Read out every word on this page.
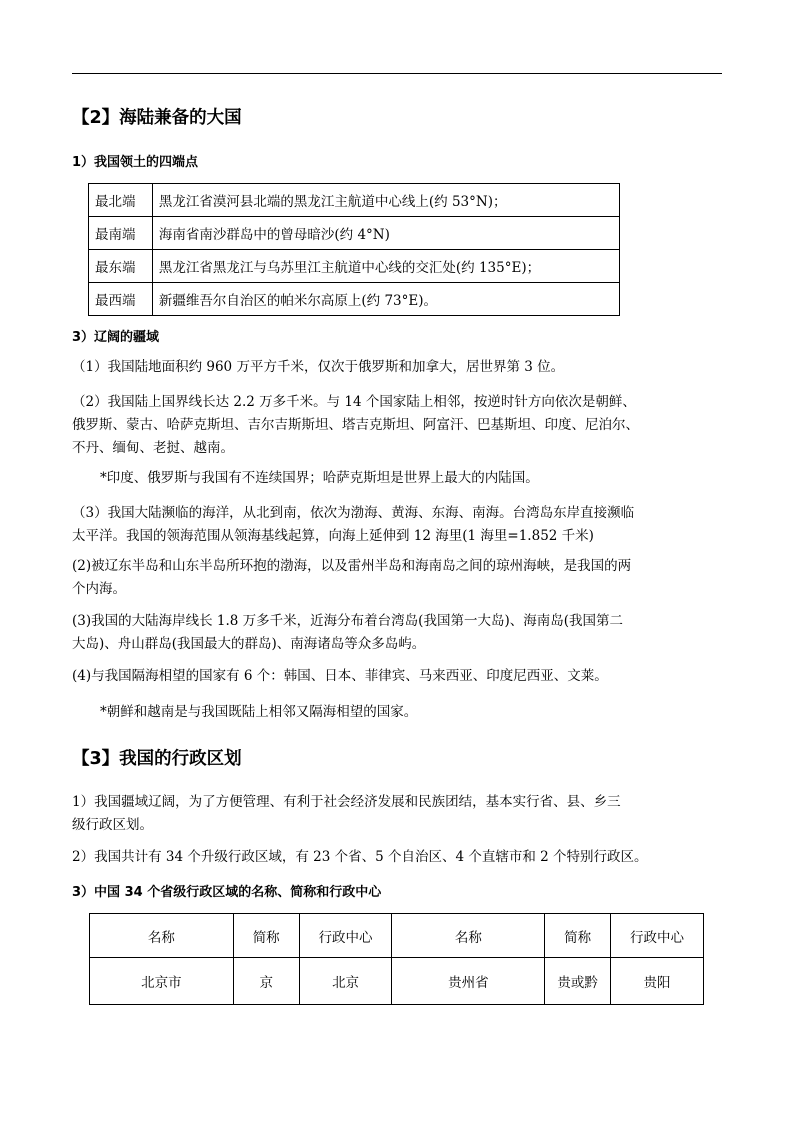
【2】海陆兼备的大国
1）我国领土的四端点
最北端	黑龙江省漠河县北端的黑龙江主航道中心线上(约 53°N)；
最南端	海南省南沙群岛中的曾母暗沙(约 4°N)
最东端	黑龙江省黑龙江与乌苏里江主航道中心线的交汇处(约 135°E)；
最西端	新疆维吾尔自治区的帕米尔高原上(约 73°E)。
3）辽阔的疆域
（1）我国陆地面积约 960 万平方千米，仅次于俄罗斯和加拿大，居世界第 3 位。
（2）我国陆上国界线长达 2.2 万多千米。与 14 个国家陆上相邻，按逆时针方向依次是朝鲜、
俄罗斯、蒙古、哈萨克斯坦、吉尔吉斯斯坦、塔吉克斯坦、阿富汗、巴基斯坦、印度、尼泊尔、
不丹、缅甸、老挝、越南。
*印度、俄罗斯与我国有不连续国界；哈萨克斯坦是世界上最大的内陆国。
（3）我国大陆濒临的海洋，从北到南，依次为渤海、黄海、东海、南海。台湾岛东岸直接濒临
太平洋。我国的领海范围从领海基线起算，向海上延伸到 12 海里(1 海里=1.852 千米)
(2)被辽东半岛和山东半岛所环抱的渤海，以及雷州半岛和海南岛之间的琼州海峡，是我国的两
个内海。
(3)我国的大陆海岸线长 1.8 万多千米，近海分布着台湾岛(我国第一大岛)、海南岛(我国第二
大岛)、舟山群岛(我国最大的群岛)、南海诸岛等众多岛屿。
(4)与我国隔海相望的国家有 6 个：韩国、日本、菲律宾、马来西亚、印度尼西亚、文莱。
*朝鲜和越南是与我国既陆上相邻又隔海相望的国家。
【3】我国的行政区划
1）我国疆域辽阔，为了方便管理、有利于社会经济发展和民族团结，基本实行省、县、乡三
级行政区划。
2）我国共计有 34 个升级行政区域，有 23 个省、5 个自治区、4 个直辖市和 2 个特别行政区。
3）中国 34 个省级行政区域的名称、简称和行政中心
名称	简称	行政中心	名称	简称	行政中心
北京市	京	北京	贵州省	贵或黔	贵阳
